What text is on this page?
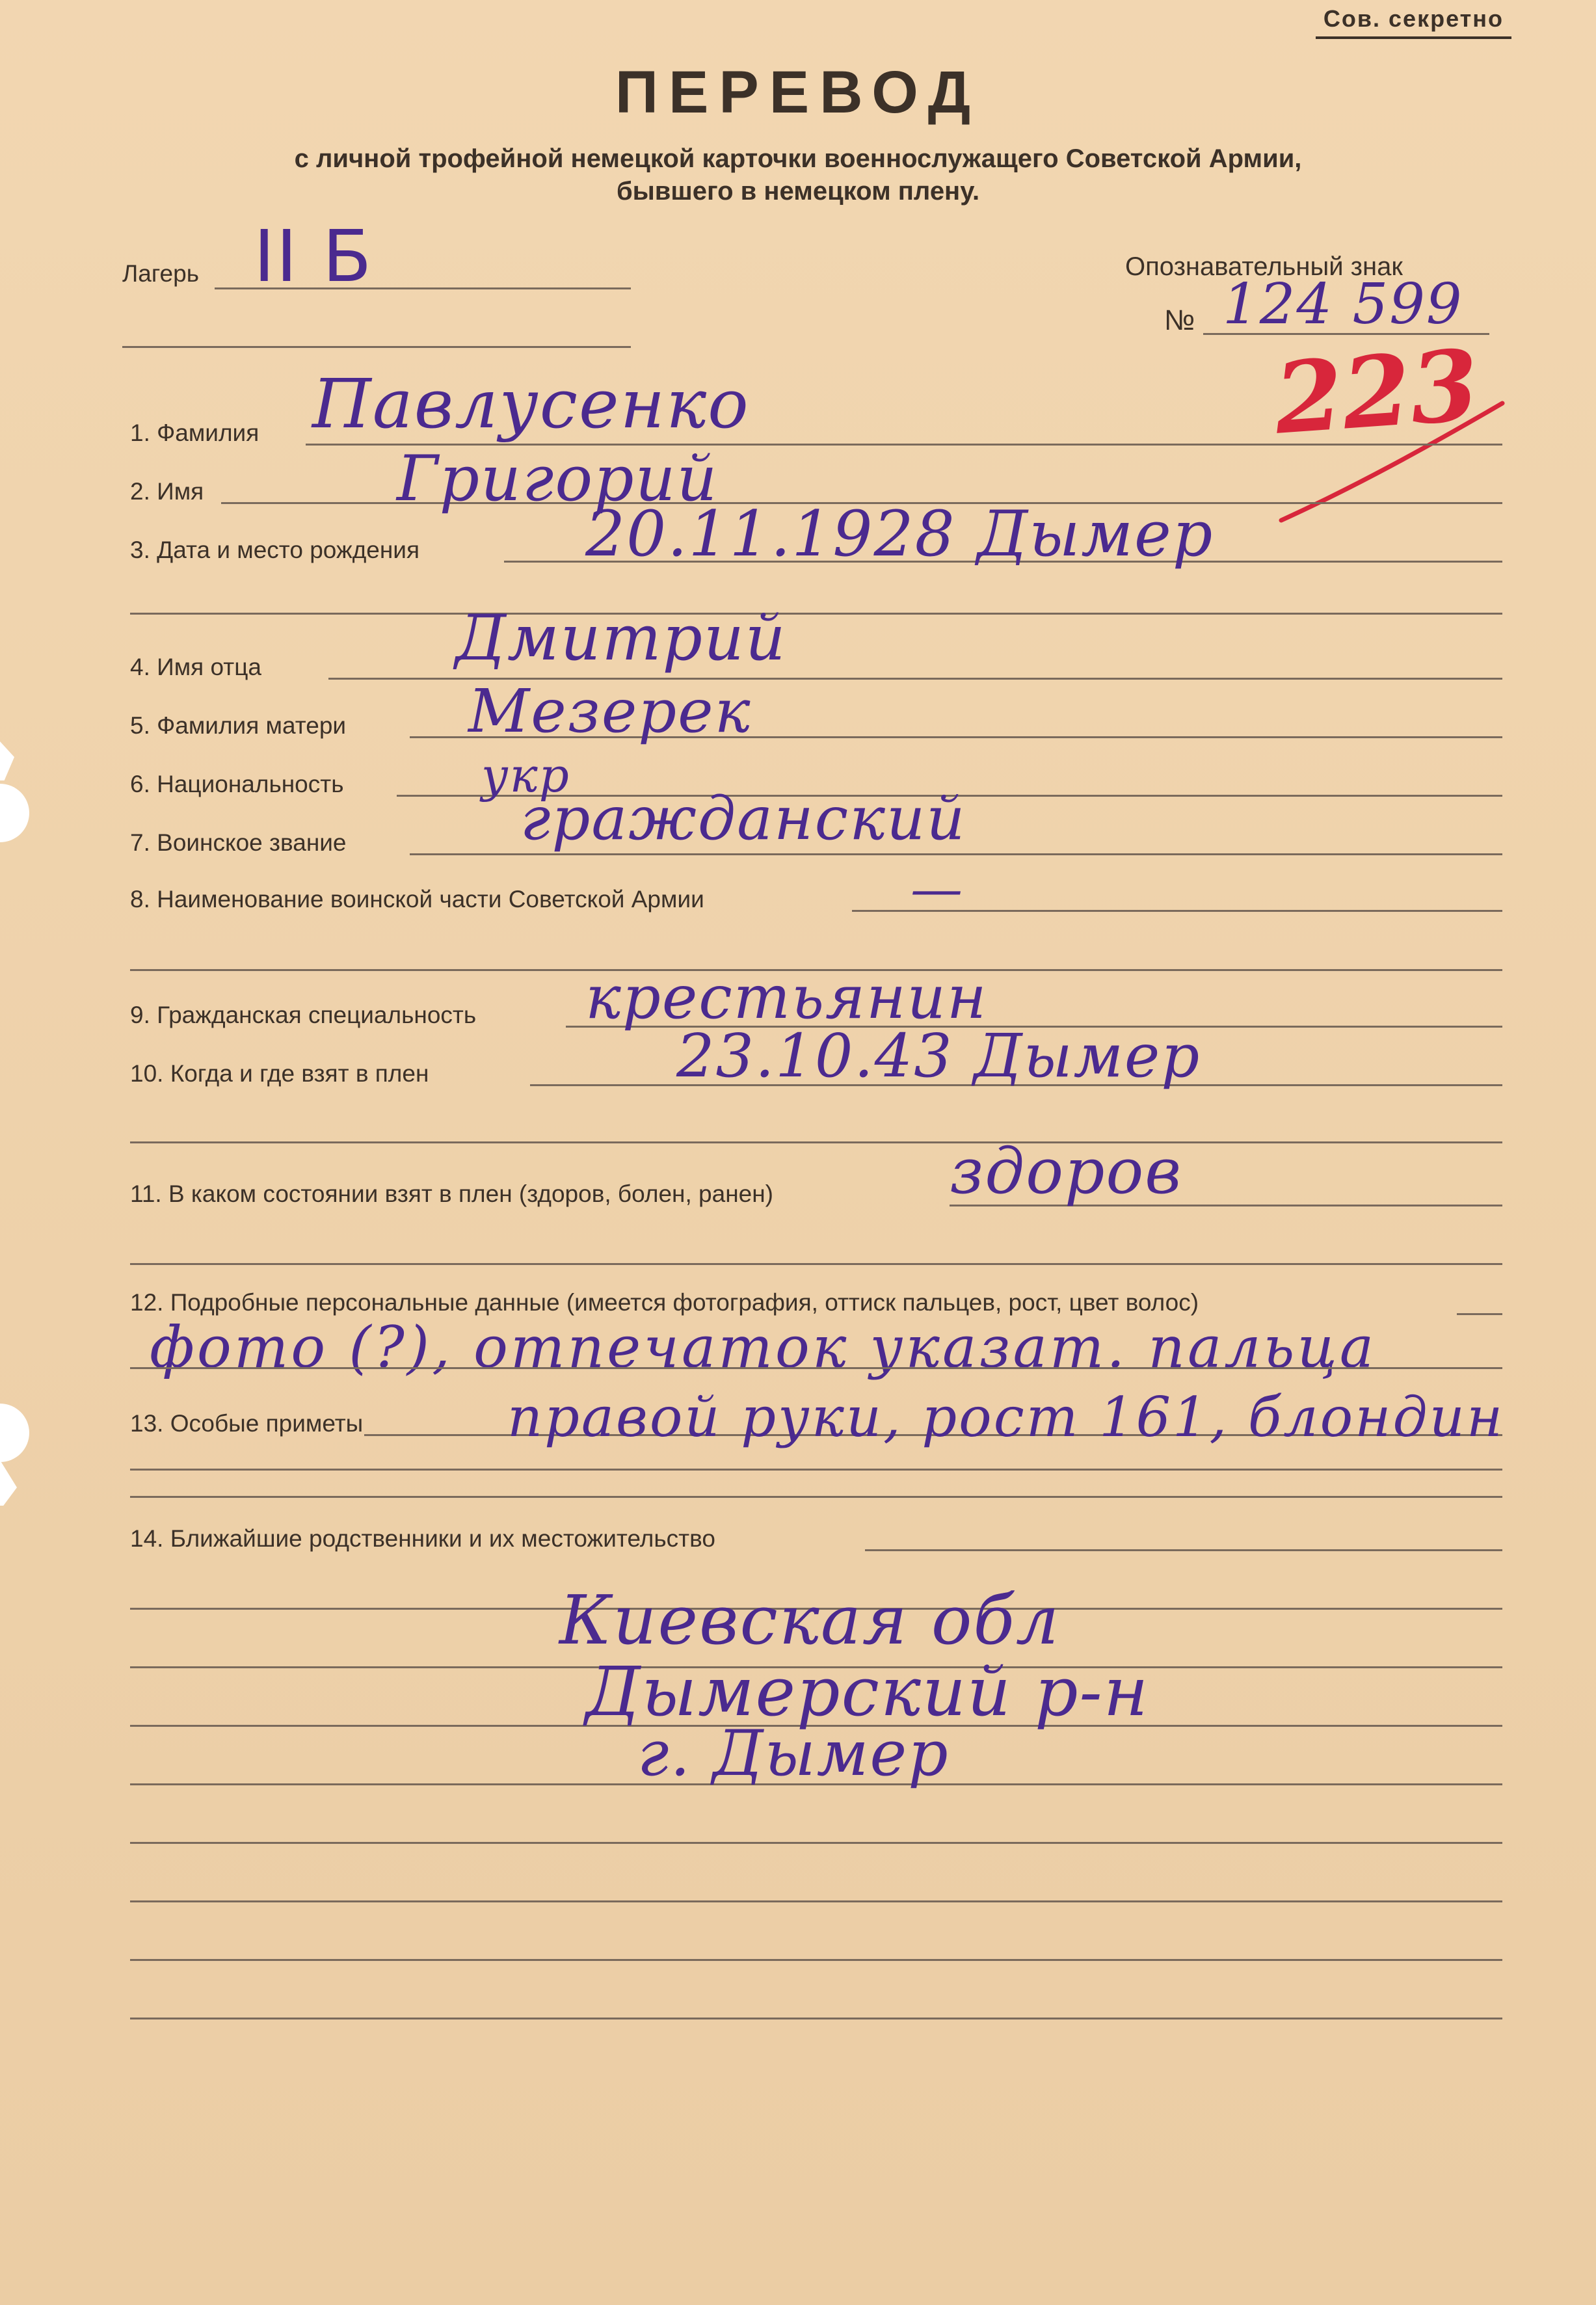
Сов. секретно
ПЕРЕВОД
с личной трофейной немецкой карточки военнослужащего Советской Армии,
бывшего в немецком плену.
Лагерь II Б	Опознавательный знак
№ 124 599
223
1. Фамилия Павлусенко
2. Имя	Григорий
3. Дата и место рождения	20.11.1928 Дымер
4. Имя отца	Дмитрий
5. Фамилия матери Мезерек
6. Национальность	укр
7. Воинское звание	гражданский
8. Наименование воинской части Советской Армии	—
9. Гражданская специальность крестьянин
10. Когда и где взят в плен	23.10.43 Дымер
11. В каком состоянии взят в плен (здоров, болен, ранен)	здоров
12. Подробные персональные данные (имеется фотография, оттиск пальцев, рост, цвет волос)
фото (?), отпечаток указат. пальца
13. Особые приметы	правой руки, рост 161, блондин
14. Ближайшие родственники и их местожительство
Киевская обл
Дымерский р-н
г. Дымер
